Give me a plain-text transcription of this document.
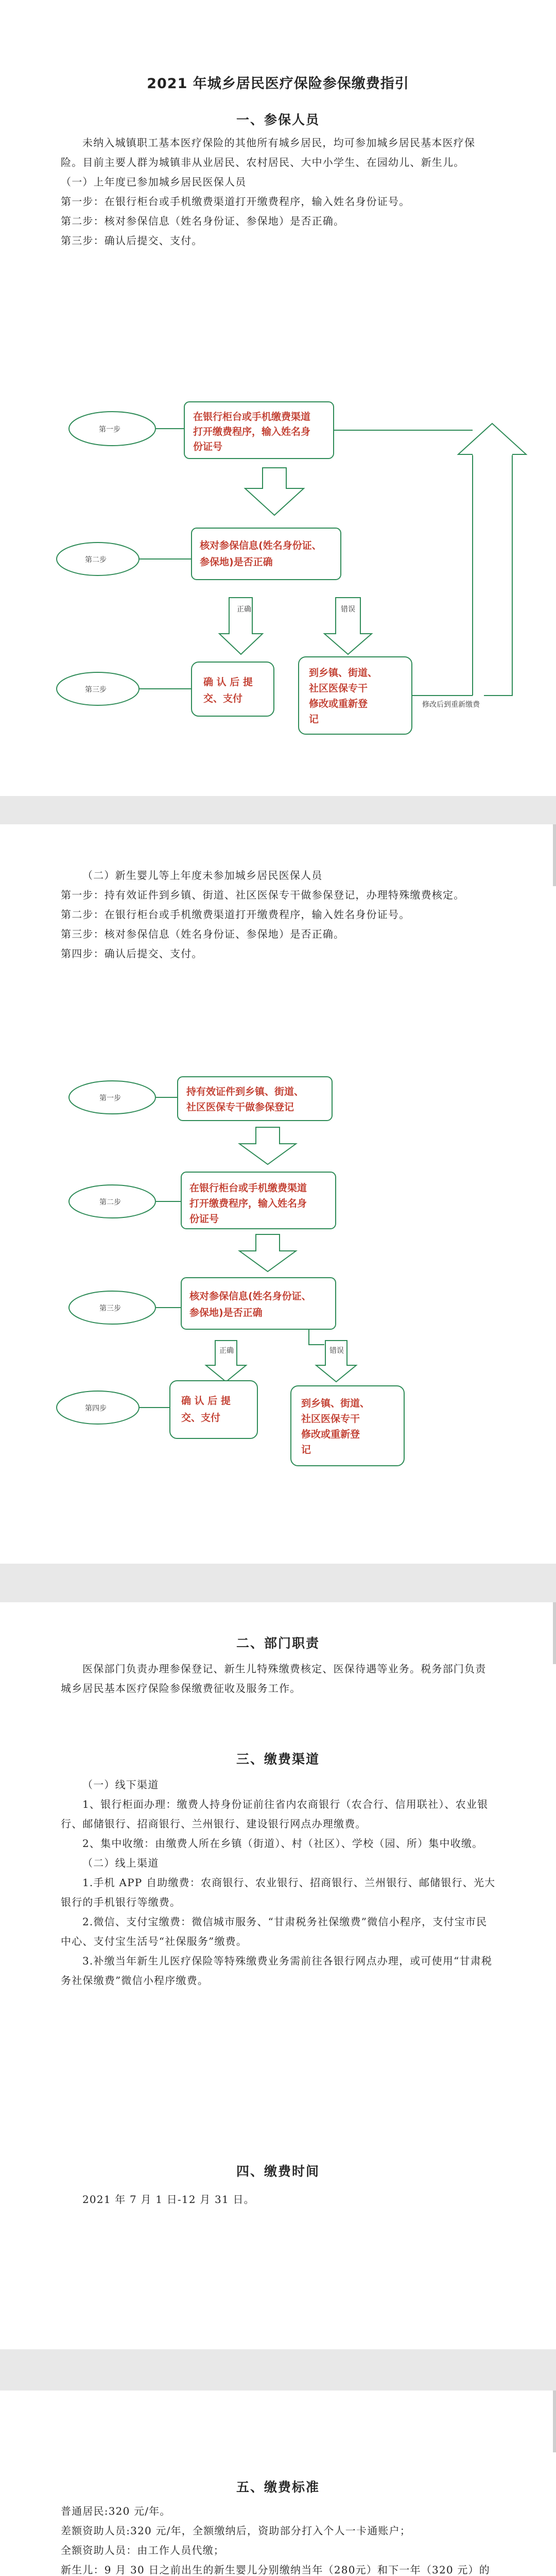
2021 年城乡居民医疗保险参保缴费指引
一、参保人员

未纳入城镇职工基本医疗保险的其他所有城乡居民，均可参加城乡居民基本医疗保险。目前主要人群为城镇非从业居民、农村居民、大中小学生、在园幼儿、新生儿。

（一）上年度已参加城乡居民医保人员

第一步：在银行柜台或手机缴费渠道打开缴费程序，输入姓名身份证号。

第二步：核对参保信息（姓名身份证、参保地）是否正确。

第三步：确认后提交、支付。

第一步
第二步
第三步
在银行柜台或手机缴费渠道
打开缴费程序，输入姓名身
份证号
核对参保信息(姓名身份证、
参保地)是否正确
正确	错误
确 认 后 提
交、支付
到乡镇、街道、
社区医保专干
修改或重新登
记
修改后到重新缴费

（二）新生婴儿等上年度未参加城乡居民医保人员

第一步：持有效证件到乡镇、街道、社区医保专干做参保登记，办理特殊缴费核定。

第二步：在银行柜台或手机缴费渠道打开缴费程序，输入姓名身份证号。

第三步：核对参保信息（姓名身份证、参保地）是否正确。

第四步：确认后提交、支付。

第一步
第二步
第三步
第四步
持有效证件到乡镇、街道、
社区医保专干做参保登记
在银行柜台或手机缴费渠道
打开缴费程序，输入姓名身
份证号
核对参保信息(姓名身份证、
参保地)是否正确
正确	错误
确 认 后 提
交、支付
到乡镇、街道、
社区医保专干
修改或重新登
记
二、部门职责

医保部门负责办理参保登记、新生儿特殊缴费核定、医保待遇等业务。税务部门负责城乡居民基本医疗保险参保缴费征收及服务工作。

三、缴费渠道

（一）线下渠道

1、银行柜面办理：缴费人持身份证前往省内农商银行（农合行、信用联社）、农业银行、邮储银行、招商银行、兰州银行、建设银行网点办理缴费。

2、集中收缴：由缴费人所在乡镇（街道）、村（社区）、学校（园、所）集中收缴。

（二）线上渠道

1.手机 APP 自助缴费：农商银行、农业银行、招商银行、兰州银行、邮储银行、光大银行的手机银行等缴费。

2.微信、支付宝缴费：微信城市服务、“甘肃税务社保缴费”微信小程序，支付宝市民中心、支付宝生活号“社保服务”缴费。

3.补缴当年新生儿医疗保险等特殊缴费业务需前往各银行网点办理，或可使用“甘肃税务社保缴费”微信小程序缴费。

四、缴费时间

2021 年 7 月 1 日-12 月 31 日。

五、缴费标准

普通居民:320 元/年。

差额资助人员:320 元/年，全额缴纳后，资助部分打入个人一卡通账户；

全额资助人员：由工作人员代缴；

新生儿：9 月 30 日之前出生的新生婴儿分别缴纳当年（280元）和下一年（320 元）的
